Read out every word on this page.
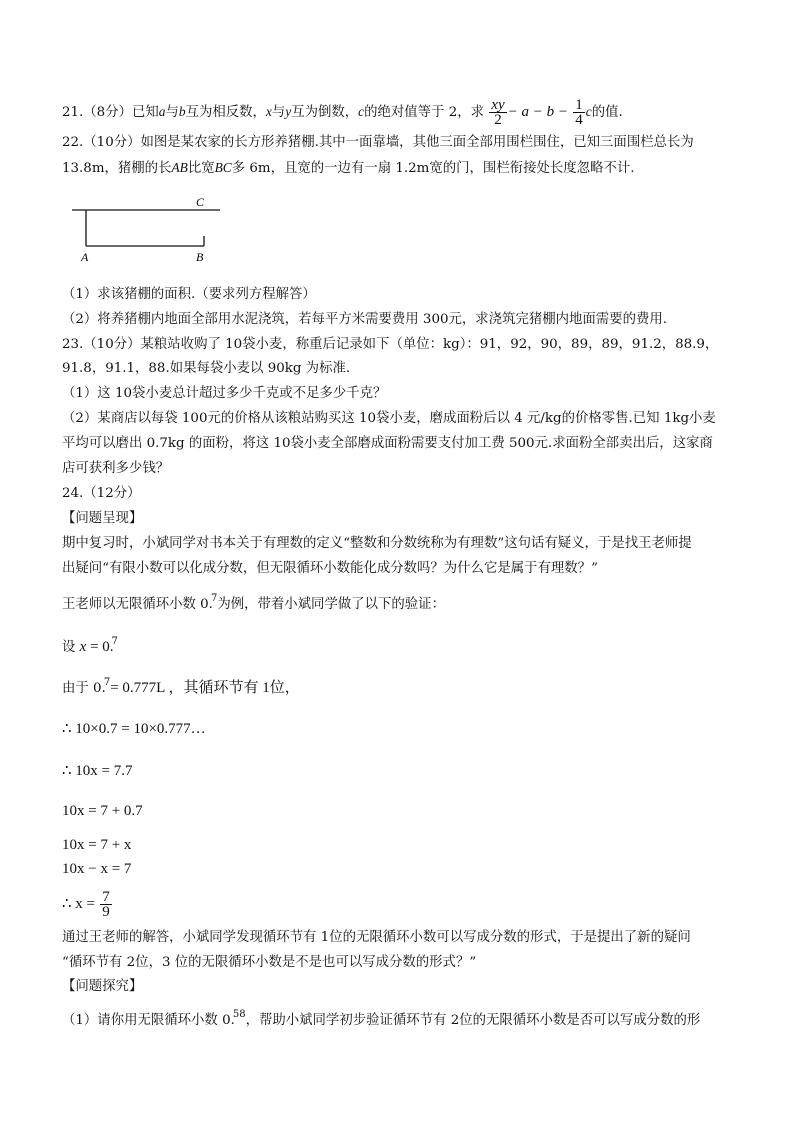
21.（8分）已知a与b互为相反数，x与y互为倒数，c的绝对值等于 2，求 $\frac{xy}{2} - a - b - \frac{1}{4}$ c的值.
22.（10分）如图是某农家的长方形养猪棚.其中一面靠墙，其他三面全部用围栏围住，已知三面围栏总长为
13.8m，猪棚的长AB比宽BC多 6m，且宽的一边有一扇 1.2m宽的门，围栏衔接处长度忽略不计.
A	B
C
（1）求该猪棚的面积.（要求列方程解答）
（2）将养猪棚内地面全部用水泥浇筑，若每平方米需要费用 300元，求浇筑完猪棚内地面需要的费用.
23.（10分）某粮站收购了 10袋小麦，称重后记录如下（单位：kg）：91，92，90，89，89，91.2，88.9，
91.8，91.1，88.如果每袋小麦以 90kg 为标准.
（1）这 10袋小麦总计超过多少千克或不足多少千克？
（2）某商店以每袋 100元的价格从该粮站购买这 10袋小麦，磨成面粉后以 4 元/kg的价格零售.已知 1kg小麦
平均可以磨出 0.7kg 的面粉，将这 10袋小麦全部磨成面粉需要支付加工费 500元.求面粉全部卖出后，这家商
店可获利多少钱？
24.（12分）
【问题呈现】
期中复习时，小斌同学对书本关于有理数的定义“整数和分数统称为有理数”这句话有疑义，于是找王老师提
出疑问“有限小数可以化成分数，但无限循环小数能化成分数吗？为什么它是属于有理数？”
王老师以无限循环小数 0.$^7$为例，带着小斌同学做了以下的验证：
设 x = 0.$^7$
由于 0.$^7$= 0.777L ，其循环节有 1位，
∴ 10×0.7 = 10×0.777…
∴ 10x = 7.7
10x = 7 + 0.7
10x = 7 + x
10x − x = 7
∴ $x = \frac{7}{9}$
通过王老师的解答，小斌同学发现循环节有 1位的无限循环小数可以写成分数的形式，于是提出了新的疑问
“循环节有 2位，3 位的无限循环小数是不是也可以写成分数的形式？”
【问题探究】
（1）请你用无限循环小数 0.58，帮助小斌同学初步验证循环节有 2位的无限循环小数是否可以写成分数的形
